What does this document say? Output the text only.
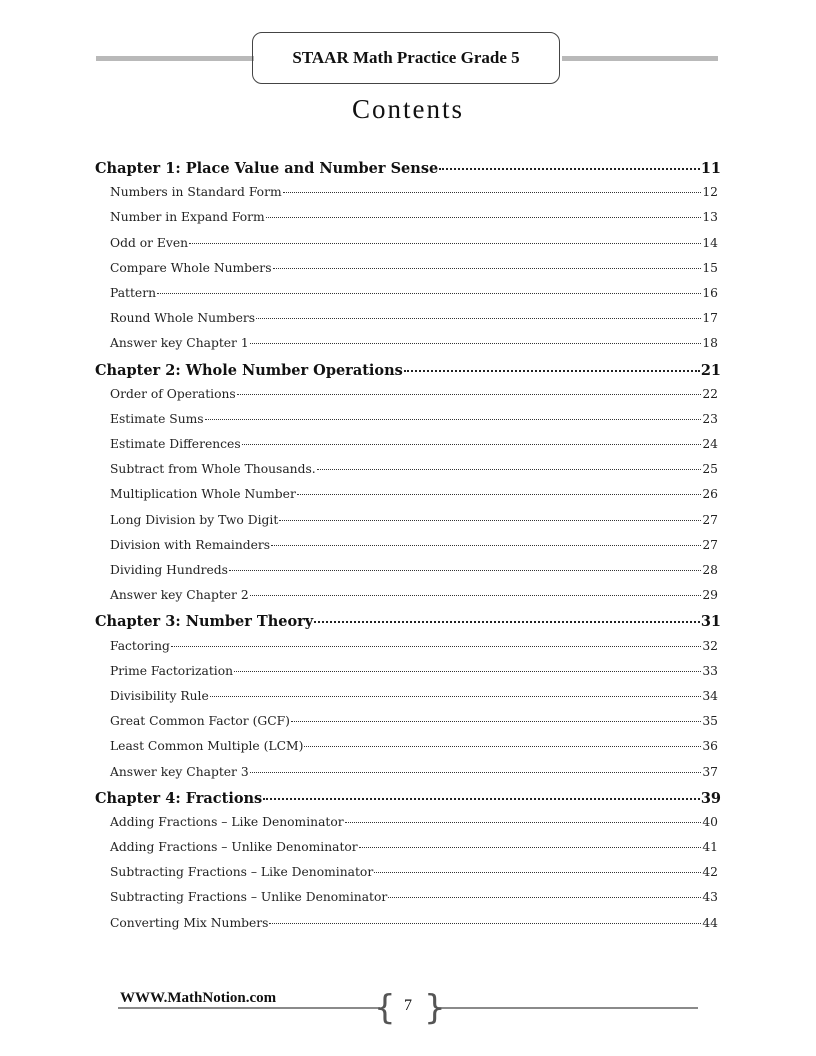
STAAR Math Practice Grade 5
Contents
Chapter 1: Place Value and Number Sense	11
Numbers in Standard Form	12
Number in Expand Form	13
Odd or Even	14
Compare Whole Numbers	15
Pattern	16
Round Whole Numbers	17
Answer key Chapter 1	18
Chapter 2: Whole Number Operations	21
Order of Operations	22
Estimate Sums	23
Estimate Differences	24
Subtract from Whole Thousands.	25
Multiplication Whole Number	26
Long Division by Two Digit	27
Division with Remainders	27
Dividing Hundreds	28
Answer key Chapter 2	29
Chapter 3: Number Theory	31
Factoring	32
Prime Factorization	33
Divisibility Rule	34
Great Common Factor (GCF)	35
Least Common Multiple (LCM)	36
Answer key Chapter 3	37
Chapter 4: Fractions	39
Adding Fractions – Like Denominator	40
Adding Fractions – Unlike Denominator	41
Subtracting Fractions – Like Denominator	42
Subtracting Fractions – Unlike Denominator	43
Converting Mix Numbers	44
WWW.MathNotion.com	{ }
7
